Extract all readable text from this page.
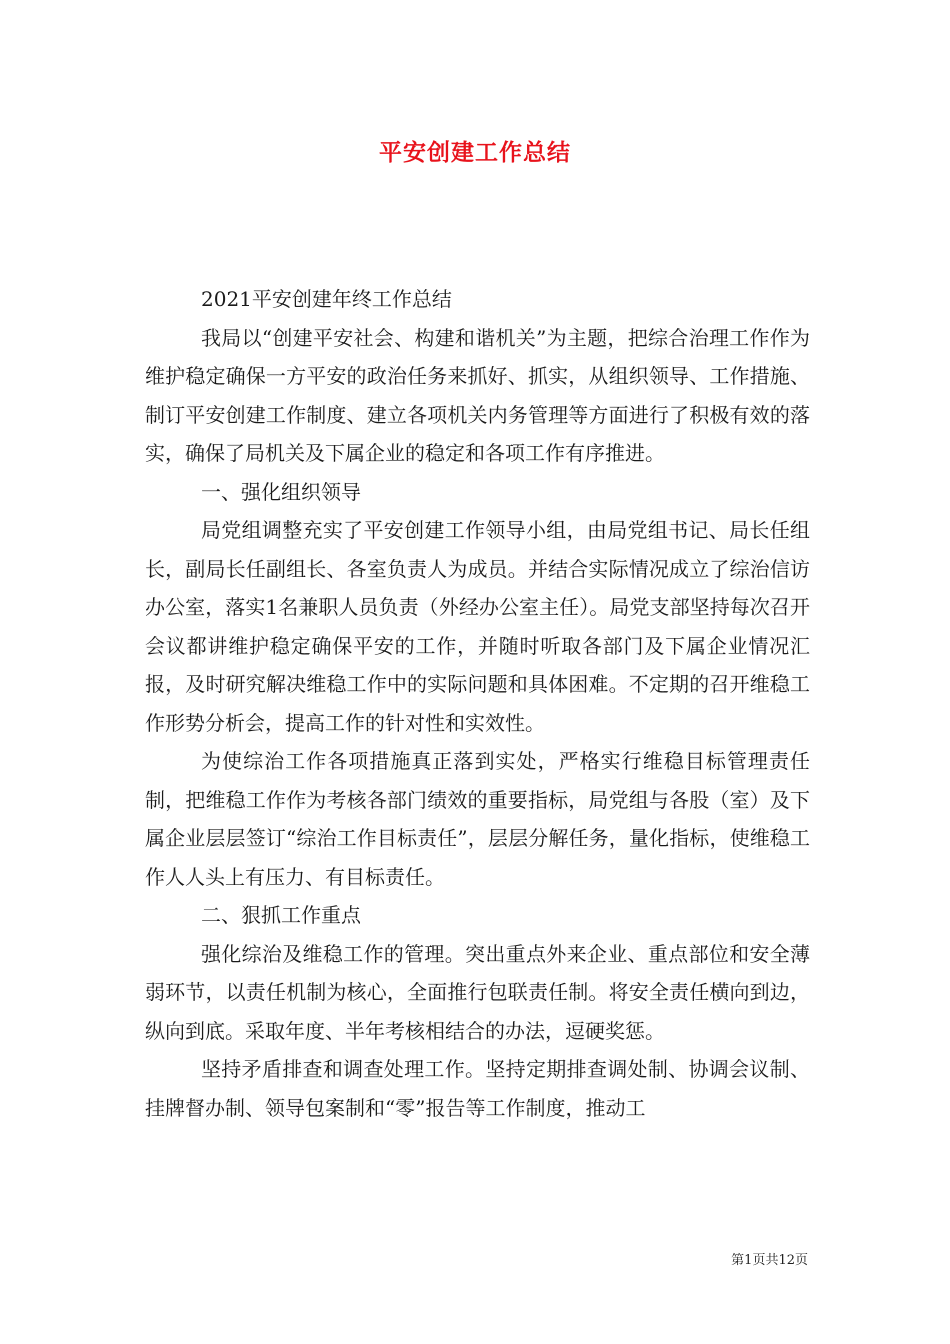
平安创建工作总结

2021平安创建年终工作总结

我局以“创建平安社会、构建和谐机关”为主题，把综合治理工作作为维护稳定确保一方平安的政治任务来抓好、抓实，从组织领导、工作措施、制订平安创建工作制度、建立各项机关内务管理等方面进行了积极有效的落实，确保了局机关及下属企业的稳定和各项工作有序推进。

一、强化组织领导

局党组调整充实了平安创建工作领导小组，由局党组书记、局长任组长，副局长任副组长、各室负责人为成员。并结合实际情况成立了综治信访办公室，落实1名兼职人员负责（外经办公室主任）。局党支部坚持每次召开会议都讲维护稳定确保平安的工作，并随时听取各部门及下属企业情况汇报，及时研究解决维稳工作中的实际问题和具体困难。不定期的召开维稳工作形势分析会，提高工作的针对性和实效性。

为使综治工作各项措施真正落到实处，严格实行维稳目标管理责任制，把维稳工作作为考核各部门绩效的重要指标，局党组与各股（室）及下属企业层层签订“综治工作目标责任”，层层分解任务，量化指标，使维稳工作人人头上有压力、有目标责任。

二、狠抓工作重点

强化综治及维稳工作的管理。突出重点外来企业、重点部位和安全薄弱环节，以责任机制为核心，全面推行包联责任制。将安全责任横向到边，纵向到底。采取年度、半年考核相结合的办法，逗硬奖惩。

坚持矛盾排查和调查处理工作。坚持定期排查调处制、协调会议制、挂牌督办制、领导包案制和“零”报告等工作制度，推动工

第1页共12页
